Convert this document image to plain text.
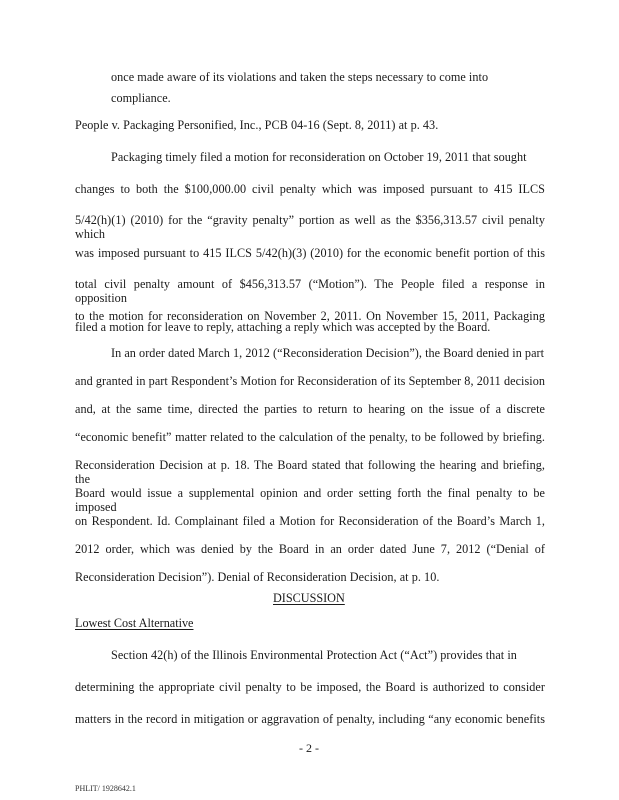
- 2 -
PHLIT/ 1928642.1
once made aware of its violations and taken the steps necessary to come into
compliance.
People v. Packaging Personified, Inc., PCB 04-16 (Sept. 8, 2011) at p. 43.
Packaging timely filed a motion for reconsideration on October 19, 2011 that sought
changes to both the $100,000.00 civil penalty which was imposed pursuant to 415 ILCS
5/42(h)(1) (2010) for the “gravity penalty” portion as well as the $356,313.57 civil penalty which
was imposed pursuant to 415 ILCS 5/42(h)(3) (2010) for the economic benefit portion of this
total civil penalty amount of $456,313.57 (“Motion”). The People filed a response in opposition
to the motion for reconsideration on November 2, 2011. On November 15, 2011, Packaging
filed a motion for leave to reply, attaching a reply which was accepted by the Board.
In an order dated March 1, 2012 (“Reconsideration Decision”), the Board denied in part
and granted in part Respondent’s Motion for Reconsideration of its September 8, 2011 decision
and, at the same time, directed the parties to return to hearing on the issue of a discrete
“economic benefit” matter related to the calculation of the penalty, to be followed by briefing.
Reconsideration Decision at p. 18. The Board stated that following the hearing and briefing, the
Board would issue a supplemental opinion and order setting forth the final penalty to be imposed
on Respondent. Id. Complainant filed a Motion for Reconsideration of the Board’s March 1,
2012 order, which was denied by the Board in an order dated June 7, 2012 (“Denial of
Reconsideration Decision”). Denial of Reconsideration Decision, at p. 10.
DISCUSSION
Lowest Cost Alternative
Section 42(h) of the Illinois Environmental Protection Act (“Act”) provides that in
determining the appropriate civil penalty to be imposed, the Board is authorized to consider
matters in the record in mitigation or aggravation of penalty, including “any economic benefits
